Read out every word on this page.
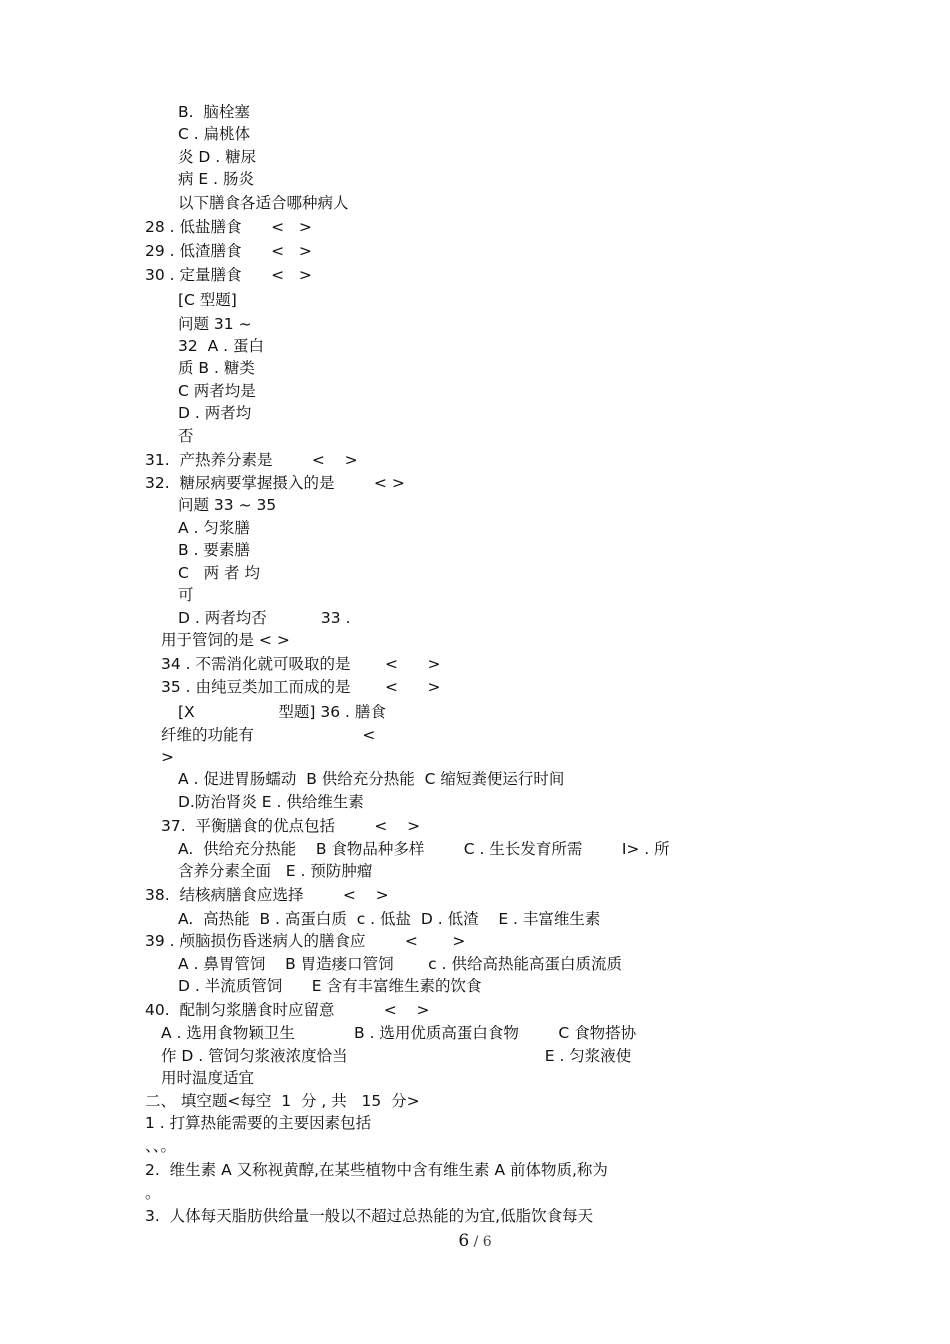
B.  脑栓塞
C . 扁桃体
炎 D . 糖尿
病 E . 肠炎
以下膳食各适合哪种病人
28 . 低盐膳食      <   >
29 . 低渣膳食      <   >
30 . 定量膳食      <   >
[C 型题]
问题 31 ~
32  A . 蛋白
质 B . 糖类
C 两者均是
D . 两者均
否
31.  产热养分素是        <    >
32.  糖尿病要掌握摄入的是        < >
问题 33 ~ 35
A . 匀浆膳
B . 要素膳
C   两 者 均
可
D . 两者均否           33 .
用于管饲的是 < >
34 . 不需消化就可吸取的是       <      >
35 . 由纯豆类加工而成的是       <      >
[X                 型题] 36 . 膳食
纤维的功能有                      <
>
A . 促进胃肠蠕动  B 供给充分热能  C 缩短粪便运行时间
D.防治肾炎 E . 供给维生素
37.  平衡膳食的优点包括        <    >
A.  供给充分热能    B 食物品种多样        C . 生长发育所需        I> . 所
含养分素全面   E . 预防肿瘤
38.  结核病膳食应选择        <    >
A.  高热能  B . 高蛋白质  c . 低盐  D . 低渣    E . 丰富维生素
39 . 颅脑损伤昏迷病人的膳食应        <       >
A . 鼻胃管饲    B 胃造瘘口管饲       c . 供给高热能高蛋白质流质
D . 半流质管饲      E 含有丰富维生素的饮食
40.  配制匀浆膳食时应留意          <    >
A . 选用食物颖卫生            B . 选用优质高蛋白食物        C 食物搭协
作 D . 管饲匀浆液浓度恰当                                        E . 匀浆液使
用时温度适宜
二、 填空题<每空  1  分 , 共   15  分>
1 . 打算热能需要的主要因素包括
、、。
2.  维生素 A 又称视黄醇,在某些植物中含有维生素 A 前体物质,称为
。
3.  人体每天脂肪供给量一般以不超过总热能的为宜,低脂饮食每天
6 / 6
